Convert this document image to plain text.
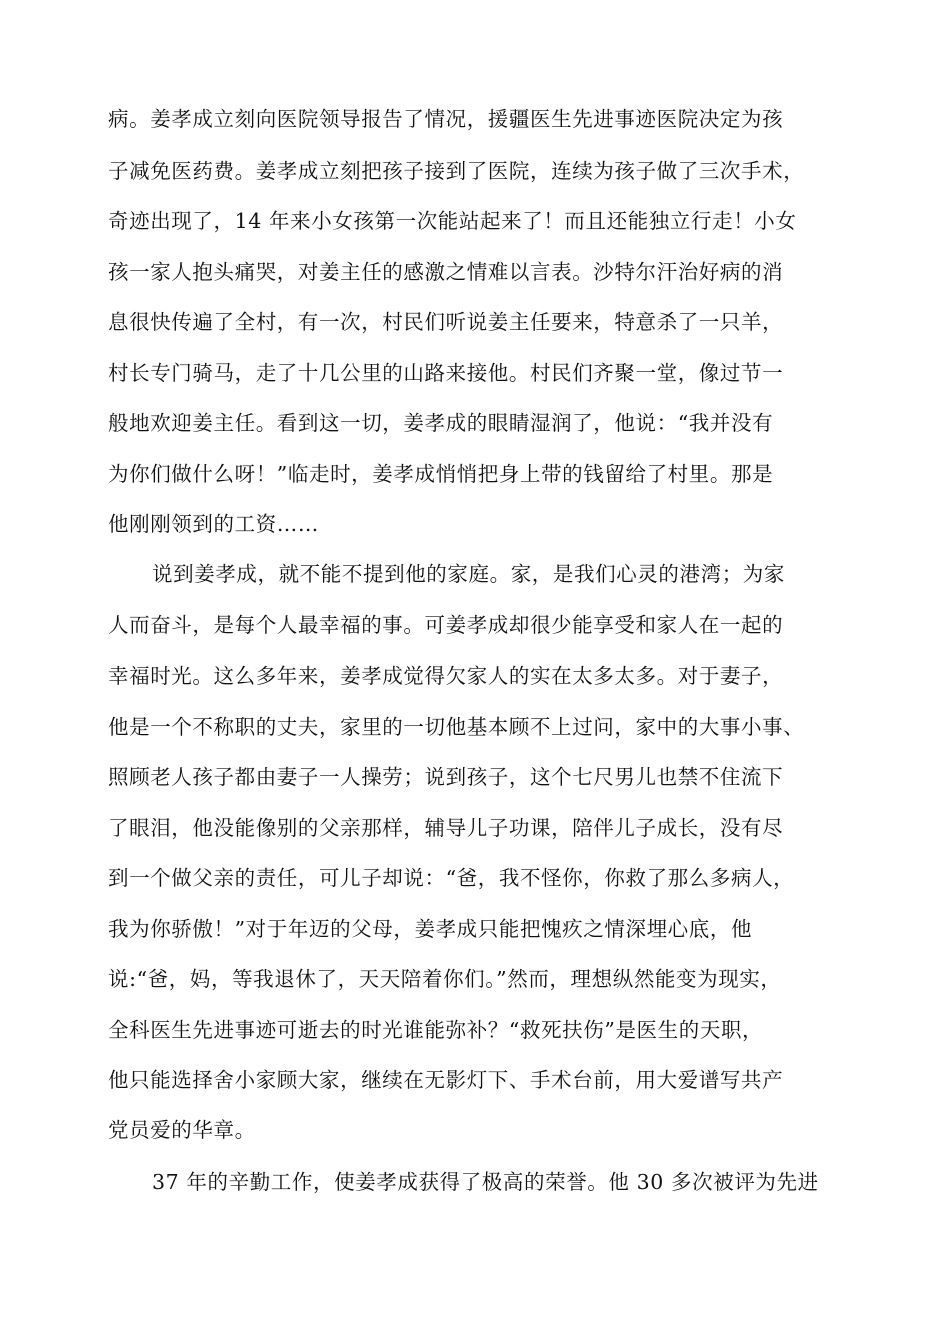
病。姜孝成立刻向医院领导报告了情况，援疆医生先进事迹医院决定为孩
子减免医药费。姜孝成立刻把孩子接到了医院，连续为孩子做了三次手术，
奇迹出现了，14 年来小女孩第一次能站起来了！而且还能独立行走！小女
孩一家人抱头痛哭，对姜主任的感激之情难以言表。沙特尔汗治好病的消
息很快传遍了全村，有一次，村民们听说姜主任要来，特意杀了一只羊，
村长专门骑马，走了十几公里的山路来接他。村民们齐聚一堂，像过节一
般地欢迎姜主任。看到这一切，姜孝成的眼睛湿润了，他说：“我并没有
为你们做什么呀！”临走时，姜孝成悄悄把身上带的钱留给了村里。那是
他刚刚领到的工资……
说到姜孝成，就不能不提到他的家庭。家，是我们心灵的港湾；为家
人而奋斗，是每个人最幸福的事。可姜孝成却很少能享受和家人在一起的
幸福时光。这么多年来，姜孝成觉得欠家人的实在太多太多。对于妻子，
他是一个不称职的丈夫，家里的一切他基本顾不上过问，家中的大事小事、
照顾老人孩子都由妻子一人操劳；说到孩子，这个七尺男儿也禁不住流下
了眼泪，他没能像别的父亲那样，辅导儿子功课，陪伴儿子成长，没有尽
到一个做父亲的责任，可儿子却说：“爸，我不怪你，你救了那么多病人，
我为你骄傲！”对于年迈的父母，姜孝成只能把愧疚之情深埋心底，他
说:“爸，妈，等我退休了，天天陪着你们。”然而，理想纵然能变为现实，
全科医生先进事迹可逝去的时光谁能弥补？“救死扶伤”是医生的天职，
他只能选择舍小家顾大家，继续在无影灯下、手术台前，用大爱谱写共产
党员爱的华章。
37 年的辛勤工作，使姜孝成获得了极高的荣誉。他 30 多次被评为先进
